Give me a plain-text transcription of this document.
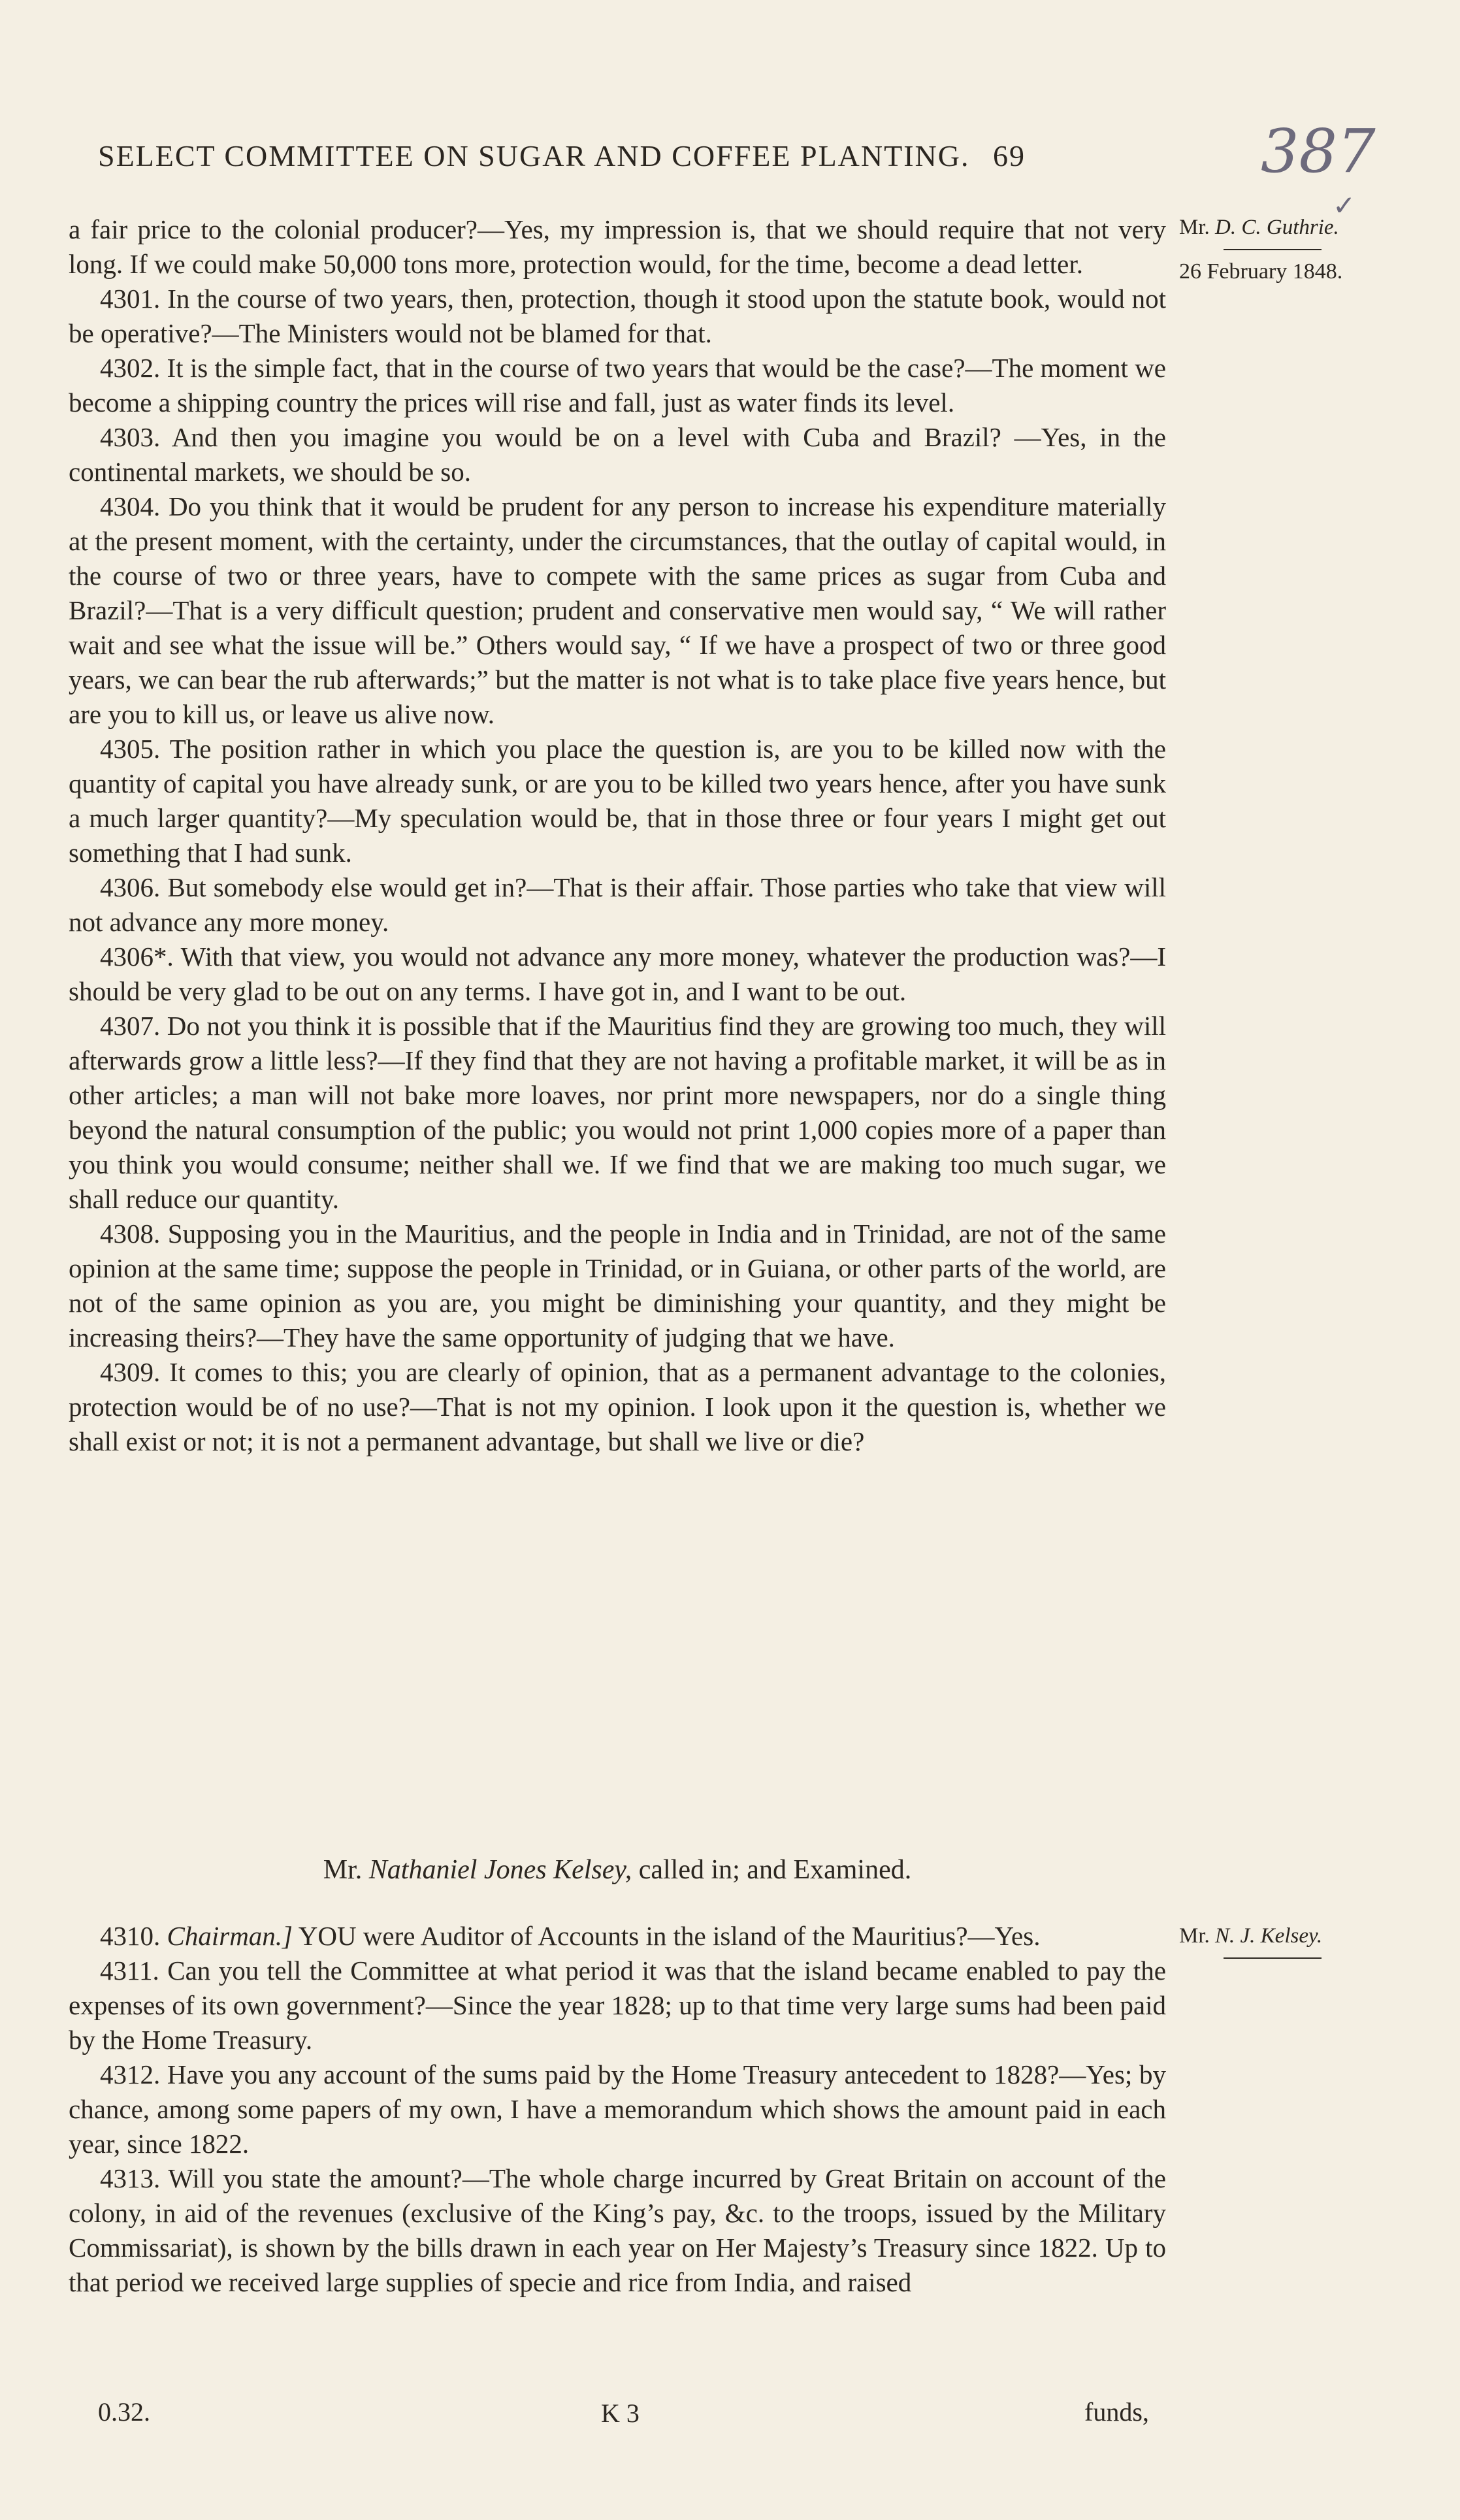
SELECT COMMITTEE ON SUGAR AND COFFEE PLANTING. 69	387
✓
Mr. D. C. Guthrie.
26 February 1848.

a fair price to the colonial producer?—Yes, my impression is, that we should require that not very long. If we could make 50,000 tons more, protection would, for the time, become a dead letter.

4301. In the course of two years, then, protection, though it stood upon the statute book, would not be operative?—The Ministers would not be blamed for that.

4302. It is the simple fact, that in the course of two years that would be the case?—The moment we become a shipping country the prices will rise and fall, just as water finds its level.

4303. And then you imagine you would be on a level with Cuba and Brazil? —Yes, in the continental markets, we should be so.

4304. Do you think that it would be prudent for any person to increase his expenditure materially at the present moment, with the certainty, under the circumstances, that the outlay of capital would, in the course of two or three years, have to compete with the same prices as sugar from Cuba and Brazil?—That is a very difficult question; prudent and conservative men would say, “ We will rather wait and see what the issue will be.” Others would say, “ If we have a prospect of two or three good years, we can bear the rub afterwards;” but the matter is not what is to take place five years hence, but are you to kill us, or leave us alive now.

4305. The position rather in which you place the question is, are you to be killed now with the quantity of capital you have already sunk, or are you to be killed two years hence, after you have sunk a much larger quantity?—My speculation would be, that in those three or four years I might get out something that I had sunk.

4306. But somebody else would get in?—That is their affair. Those parties who take that view will not advance any more money.

4306*. With that view, you would not advance any more money, whatever the production was?—I should be very glad to be out on any terms. I have got in, and I want to be out.

4307. Do not you think it is possible that if the Mauritius find they are growing too much, they will afterwards grow a little less?—If they find that they are not having a profitable market, it will be as in other articles; a man will not bake more loaves, nor print more newspapers, nor do a single thing beyond the natural consumption of the public; you would not print 1,000 copies more of a paper than you think you would consume; neither shall we. If we find that we are making too much sugar, we shall reduce our quantity.

4308. Supposing you in the Mauritius, and the people in India and in Trinidad, are not of the same opinion at the same time; suppose the people in Trinidad, or in Guiana, or other parts of the world, are not of the same opinion as you are, you might be diminishing your quantity, and they might be increasing theirs?—They have the same opportunity of judging that we have.

4309. It comes to this; you are clearly of opinion, that as a permanent advantage to the colonies, protection would be of no use?—That is not my opinion. I look upon it the question is, whether we shall exist or not; it is not a permanent advantage, but shall we live or die?

Mr. Nathaniel Jones Kelsey, called in; and Examined.
Mr. N. J. Kelsey.

4310. Chairman.] YOU were Auditor of Accounts in the island of the Mauritius?—Yes.

4311. Can you tell the Committee at what period it was that the island became enabled to pay the expenses of its own government?—Since the year 1828; up to that time very large sums had been paid by the Home Treasury.

4312. Have you any account of the sums paid by the Home Treasury antecedent to 1828?—Yes; by chance, among some papers of my own, I have a memorandum which shows the amount paid in each year, since 1822.

4313. Will you state the amount?—The whole charge incurred by Great Britain on account of the colony, in aid of the revenues (exclusive of the King’s pay, &c. to the troops, issued by the Military Commissariat), is shown by the bills drawn in each year on Her Majesty’s Treasury since 1822. Up to that period we received large supplies of specie and rice from India, and raised

0.32.	K 3	funds,
